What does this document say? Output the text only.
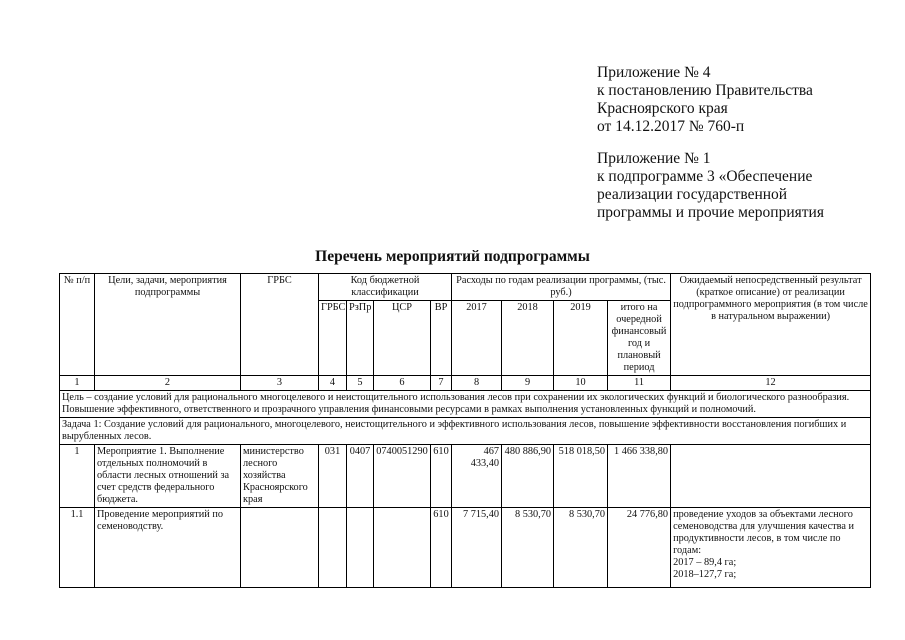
Приложение № 4
к постановлению Правительства
Красноярского края
от 14.12.2017 № 760-п
Приложение № 1
к подпрограмме 3 «Обеспечение
реализации государственной
программы и прочие мероприятия
Перечень мероприятий подпрограммы
№ п/п	Цели, задачи, мероприятия подпрограммы	ГРБС	Код бюджетной классификации				Расходы по годам реализации программы, (тыс. руб.)				Ожидаемый непосредственный результат (краткое описание) от реализации подпрограммного мероприятия (в том числе в натуральном выражении)
			ГРБС	РзПр	ЦСР	ВР	2017	2018	2019	итого на очередной финансовый год и плановый период	
1	2	3	4	5	6	7	8	9	10	11	12
Цель – создание условий для рационального многоцелевого и неистощительного использования лесов при сохранении их экологических функций и биологического разнообразия. Повышение эффективного, ответственного и прозрачного управления финансовыми ресурсами в рамках выполнения установленных функций и полномочий.											
Задача 1: Создание условий для рационального, многоцелевого, неистощительного и эффективного использования лесов, повышение эффективности восстановления погибших и вырубленных лесов.											
1	Мероприятие 1. Выполнение отдельных полномочий в области лесных отношений за счет средств федерального бюджета.	министерство лесного хозяйства Красноярского края	031	0407	0740051290	610	467 433,40	480 886,90	518 018,50	1 466 338,80	
1.1	Проведение мероприятий по семеноводству.					610	7 715,40	8 530,70	8 530,70	24 776,80	проведение уходов за объектами лесного семеноводства для улучшения качества и продуктивности лесов, в том числе по годам:
2017 – 89,4 га;
2018–127,7 га;
